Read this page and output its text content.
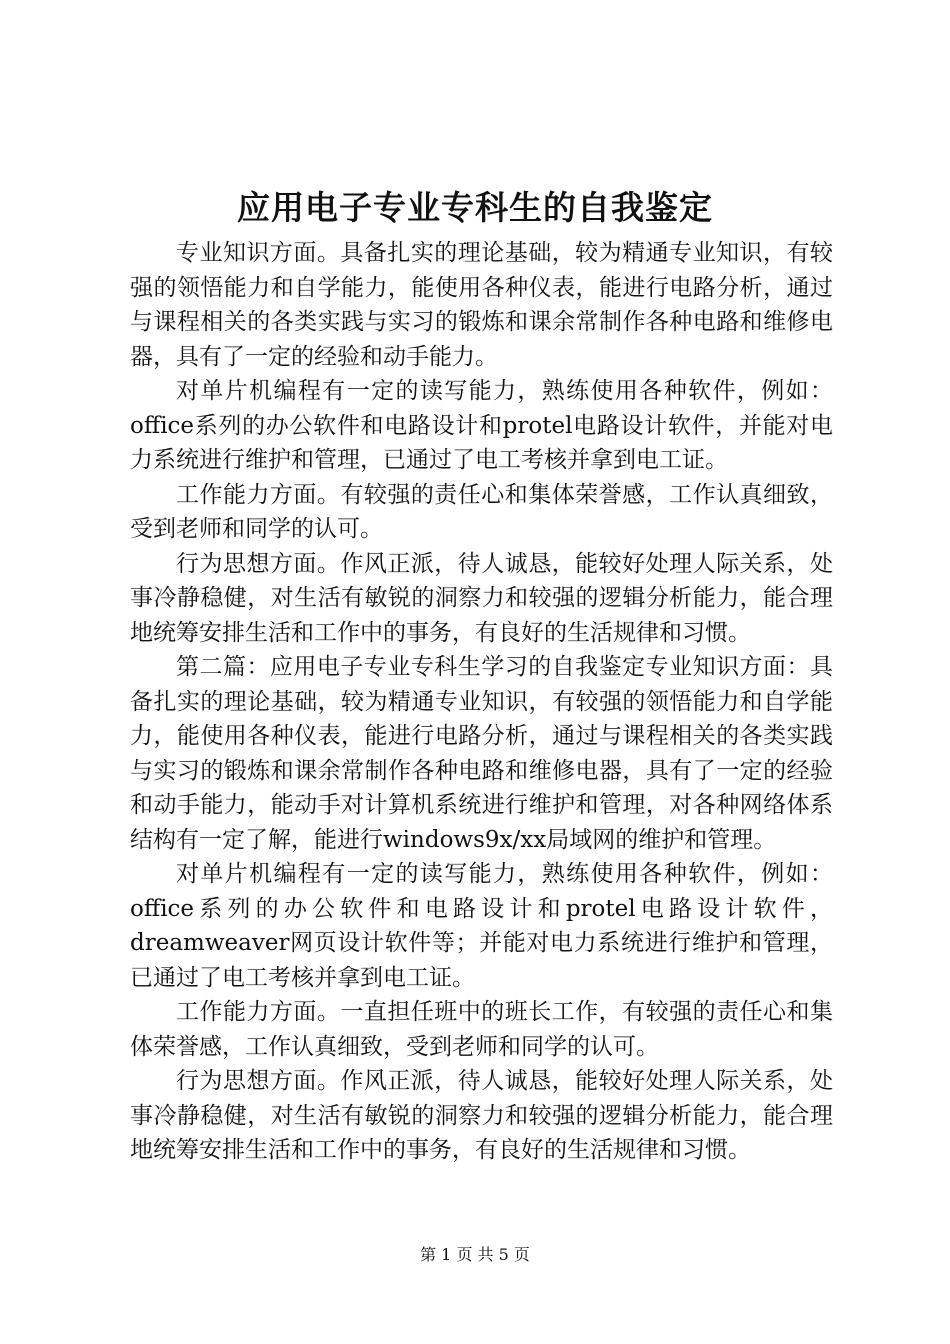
应用电子专业专科生的自我鉴定

专业知识方面。具备扎实的理论基础，较为精通专业知识，有较强的领悟能力和自学能力，能使用各种仪表，能进行电路分析，通过与课程相关的各类实践与实习的锻炼和课余常制作各种电路和维修电器，具有了一定的经验和动手能力。

对单片机编程有一定的读写能力，熟练使用各种软件，例如：office系列的办公软件和电路设计和protel电路设计软件，并能对电力系统进行维护和管理，已通过了电工考核并拿到电工证。

工作能力方面。有较强的责任心和集体荣誉感，工作认真细致，受到老师和同学的认可。

行为思想方面。作风正派，待人诚恳，能较好处理人际关系，处事冷静稳健，对生活有敏锐的洞察力和较强的逻辑分析能力，能合理地统筹安排生活和工作中的事务，有良好的生活规律和习惯。

第二篇：应用电子专业专科生学习的自我鉴定专业知识方面：具备扎实的理论基础，较为精通专业知识，有较强的领悟能力和自学能力，能使用各种仪表，能进行电路分析，通过与课程相关的各类实践与实习的锻炼和课余常制作各种电路和维修电器，具有了一定的经验和动手能力，能动手对计算机系统进行维护和管理，对各种网络体系结构有一定了解，能进行windows9x/xx局域网的维护和管理。

对单片机编程有一定的读写能力，熟练使用各种软件，例如：office系列的办公软件和电路设计和protel电路设计软件，dreamweaver网页设计软件等；并能对电力系统进行维护和管理，已通过了电工考核并拿到电工证。

工作能力方面。一直担任班中的班长工作，有较强的责任心和集体荣誉感，工作认真细致，受到老师和同学的认可。

行为思想方面。作风正派，待人诚恳，能较好处理人际关系，处事冷静稳健，对生活有敏锐的洞察力和较强的逻辑分析能力，能合理地统筹安排生活和工作中的事务，有良好的生活规律和习惯。

第 1 页 共 5 页
